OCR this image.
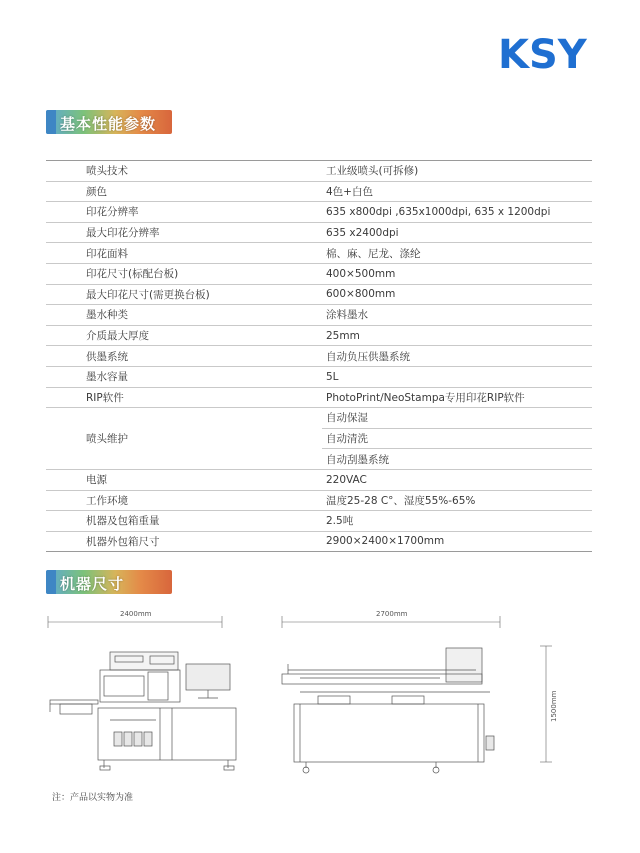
KSY
基本性能参数
喷头技术	工业级喷头(可拆修)
颜色	4色+白色
印花分辨率	635 x800dpi ,635x1000dpi, 635 x 1200dpi
最大印花分辨率	635 x2400dpi
印花面料	棉、麻、尼龙、涤纶
印花尺寸(标配台板)	400×500mm
最大印花尺寸(需更换台板)	600×800mm
墨水种类	涂料墨水
介质最大厚度	25mm
供墨系统	自动负压供墨系统
墨水容量	5L
RIP软件	PhotoPrint/NeoStampa专用印花RIP软件
喷头维护	自动保湿
	自动清洗
	自动刮墨系统
电源	220VAC
工作环境	温度25-28 C°、湿度55%-65%
机器及包箱重量	2.5吨
机器外包箱尺寸	2900×2400×1700mm
机器尺寸
2400mm	2700mm
1500mm
注：产品以实物为准
